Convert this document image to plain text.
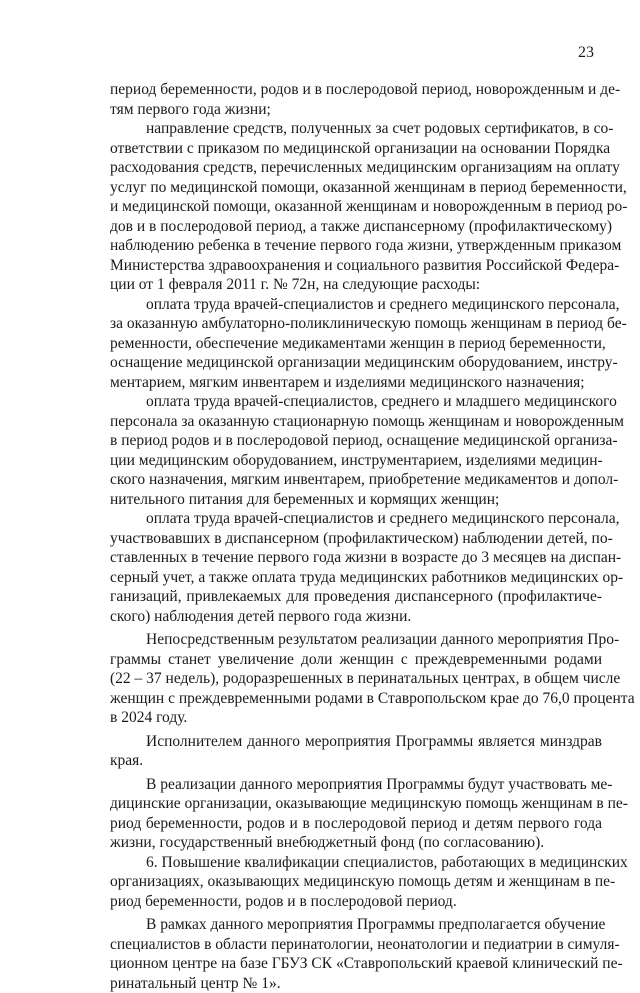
23
период беременности, родов и в послеродовой период, новорожденным и де-
тям первого года жизни;
направление средств, полученных за счет родовых сертификатов, в со-
ответствии с приказом по медицинской организации на основании Порядка
расходования средств, перечисленных медицинским организациям на оплату
услуг по медицинской помощи, оказанной женщинам в период беременности,
и медицинской помощи, оказанной женщинам и новорожденным в период ро-
дов и в послеродовой период, а также диспансерному (профилактическому)
наблюдению ребенка в течение первого года жизни, утвержденным приказом
Министерства здравоохранения и социального развития Российской Федера-
ции от 1 февраля 2011 г. № 72н, на следующие расходы:
оплата труда врачей-специалистов и среднего медицинского персонала,
за оказанную амбулаторно-поликлиническую помощь женщинам в период бе-
ременности, обеспечение медикаментами женщин в период беременности,
оснащение медицинской организации медицинским оборудованием, инстру-
ментарием, мягким инвентарем и изделиями медицинского назначения;
оплата труда врачей-специалистов, среднего и младшего медицинского
персонала за оказанную стационарную помощь женщинам и новорожденным
в период родов и в послеродовой период, оснащение медицинской организа-
ции медицинским оборудованием, инструментарием, изделиями медицин-
ского назначения, мягким инвентарем, приобретение медикаментов и допол-
нительного питания для беременных и кормящих женщин;
оплата труда врачей-специалистов и среднего медицинского персонала,
участвовавших в диспансерном (профилактическом) наблюдении детей, по-
ставленных в течение первого года жизни в возрасте до 3 месяцев на диспан-
серный учет, а также оплата труда медицинских работников медицинских ор-
ганизаций, привлекаемых для проведения диспансерного (профилактиче-
ского) наблюдения детей первого года жизни.
Непосредственным результатом реализации данного мероприятия Про-
граммы станет увеличение доли женщин с преждевременными родами
(22 – 37 недель), родоразрешенных в перинатальных центрах, в общем числе
женщин с преждевременными родами в Ставропольском крае до 76,0 процента
в 2024 году.
Исполнителем данного мероприятия Программы является минздрав
края.
В реализации данного мероприятия Программы будут участвовать ме-
дицинские организации, оказывающие медицинскую помощь женщинам в пе-
риод беременности, родов и в послеродовой период и детям первого года
жизни, государственный внебюджетный фонд (по согласованию).
6. Повышение квалификации специалистов, работающих в медицинских
организациях, оказывающих медицинскую помощь детям и женщинам в пе-
риод беременности, родов и в послеродовой период.
В рамках данного мероприятия Программы предполагается обучение
специалистов в области перинатологии, неонатологии и педиатрии в симуля-
ционном центре на базе ГБУЗ СК «Ставропольский краевой клинический пе-
ринатальный центр № 1».
